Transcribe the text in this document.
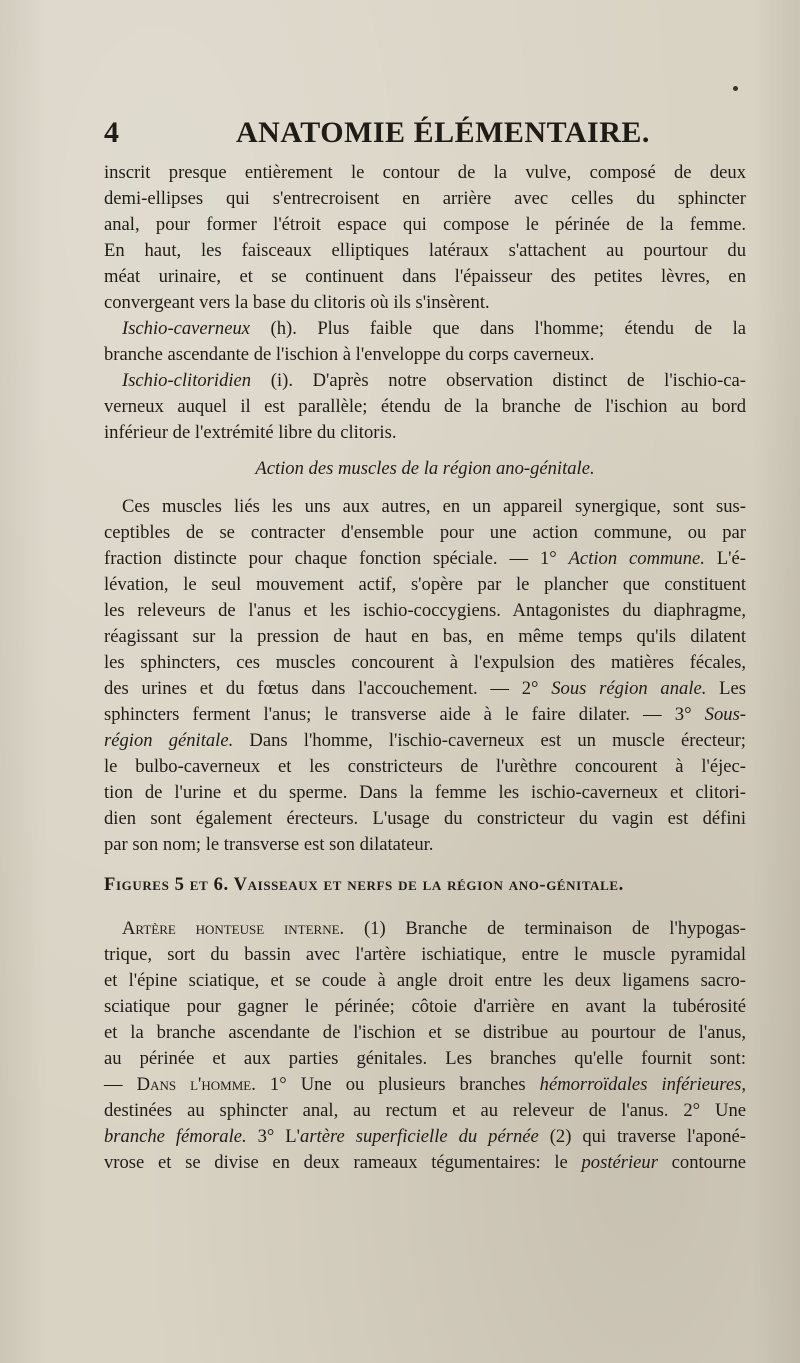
4	ANATOMIE ÉLÉMENTAIRE.
inscrit presque entièrement le contour de la vulve, composé de deux
demi-ellipses qui s'entrecroisent en arrière avec celles du sphincter
anal, pour former l'étroit espace qui compose le périnée de la femme.
En haut, les faisceaux elliptiques latéraux s'attachent au pourtour du
méat urinaire, et se continuent dans l'épaisseur des petites lèvres, en
convergeant vers la base du clitoris où ils s'insèrent.
Ischio-caverneux (h). Plus faible que dans l'homme; étendu de la
branche ascendante de l'ischion à l'enveloppe du corps caverneux.
Ischio-clitoridien (i). D'après notre observation distinct de l'ischio-ca-
verneux auquel il est parallèle; étendu de la branche de l'ischion au bord
inférieur de l'extrémité libre du clitoris.
Action des muscles de la région ano-génitale.
Ces muscles liés les uns aux autres, en un appareil synergique, sont sus-
ceptibles de se contracter d'ensemble pour une action commune, ou par
fraction distincte pour chaque fonction spéciale. — 1° Action commune. L'é-
lévation, le seul mouvement actif, s'opère par le plancher que constituent
les releveurs de l'anus et les ischio-coccygiens. Antagonistes du diaphragme,
réagissant sur la pression de haut en bas, en même temps qu'ils dilatent
les sphincters, ces muscles concourent à l'expulsion des matières fécales,
des urines et du fœtus dans l'accouchement. — 2° Sous région anale. Les
sphincters ferment l'anus; le transverse aide à le faire dilater. — 3° Sous-
région génitale. Dans l'homme, l'ischio-caverneux est un muscle érecteur;
le bulbo-caverneux et les constricteurs de l'urèthre concourent à l'éjec-
tion de l'urine et du sperme. Dans la femme les ischio-caverneux et clitori-
dien sont également érecteurs. L'usage du constricteur du vagin est défini
par son nom; le transverse est son dilatateur.
Figures 5 et 6. Vaisseaux et nerfs de la région ano-génitale.
Artère honteuse interne. (1) Branche de terminaison de l'hypogas-
trique, sort du bassin avec l'artère ischiatique, entre le muscle pyramidal
et l'épine sciatique, et se coude à angle droit entre les deux ligamens sacro-
sciatique pour gagner le périnée; côtoie d'arrière en avant la tubérosité
et la branche ascendante de l'ischion et se distribue au pourtour de l'anus,
au périnée et aux parties génitales. Les branches qu'elle fournit sont:
— Dans l'homme. 1° Une ou plusieurs branches hémorroïdales inférieures,
destinées au sphincter anal, au rectum et au releveur de l'anus. 2° Une
branche fémorale. 3° L'artère superficielle du pérnée (2) qui traverse l'aponé-
vrose et se divise en deux rameaux tégumentaires: le postérieur contourne
